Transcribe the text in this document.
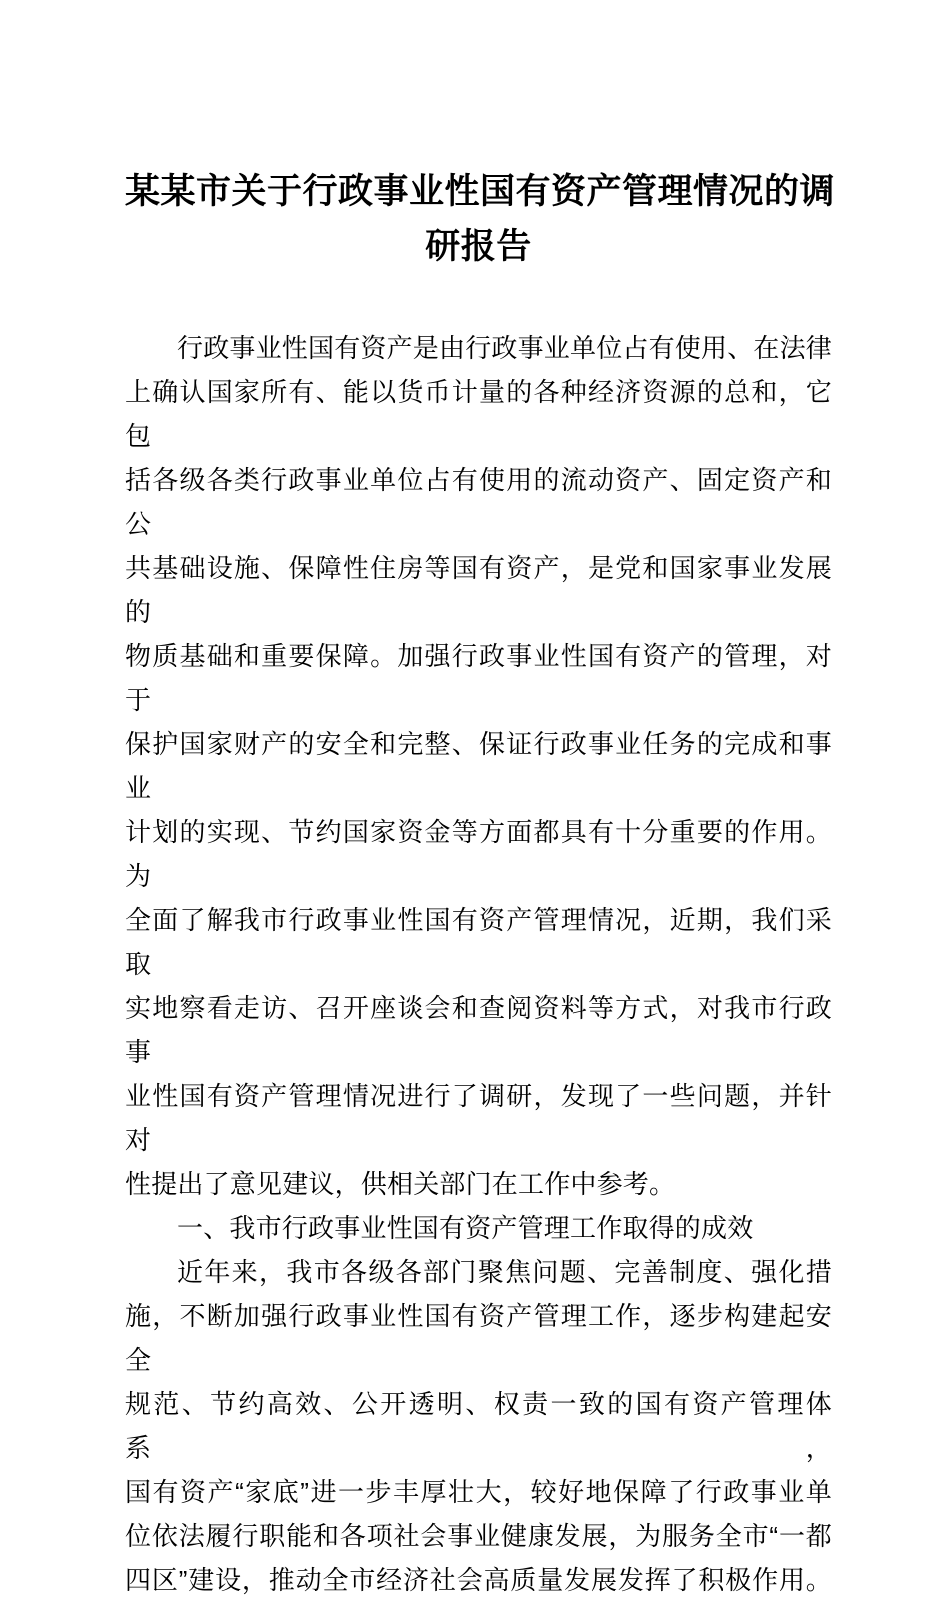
某某市关于行政事业性国有资产管理情况的调
研报告
行政事业性国有资产是由行政事业单位占有使用、在法律
上确认国家所有、能以货币计量的各种经济资源的总和，它包
括各级各类行政事业单位占有使用的流动资产、固定资产和公
共基础设施、保障性住房等国有资产，是党和国家事业发展的
物质基础和重要保障。加强行政事业性国有资产的管理，对于
保护国家财产的安全和完整、保证行政事业任务的完成和事业
计划的实现、节约国家资金等方面都具有十分重要的作用。为
全面了解我市行政事业性国有资产管理情况，近期，我们采取
实地察看走访、召开座谈会和查阅资料等方式，对我市行政事
业性国有资产管理情况进行了调研，发现了一些问题，并针对
性提出了意见建议，供相关部门在工作中参考。
一、我市行政事业性国有资产管理工作取得的成效
近年来，我市各级各部门聚焦问题、完善制度、强化措
施，不断加强行政事业性国有资产管理工作，逐步构建起安全
规范、节约高效、公开透明、权责一致的国有资产管理体系，
国有资产“家底”进一步丰厚壮大，较好地保障了行政事业单
位依法履行职能和各项社会事业健康发展，为服务全市“一都
四区”建设，推动全市经济社会高质量发展发挥了积极作用。
